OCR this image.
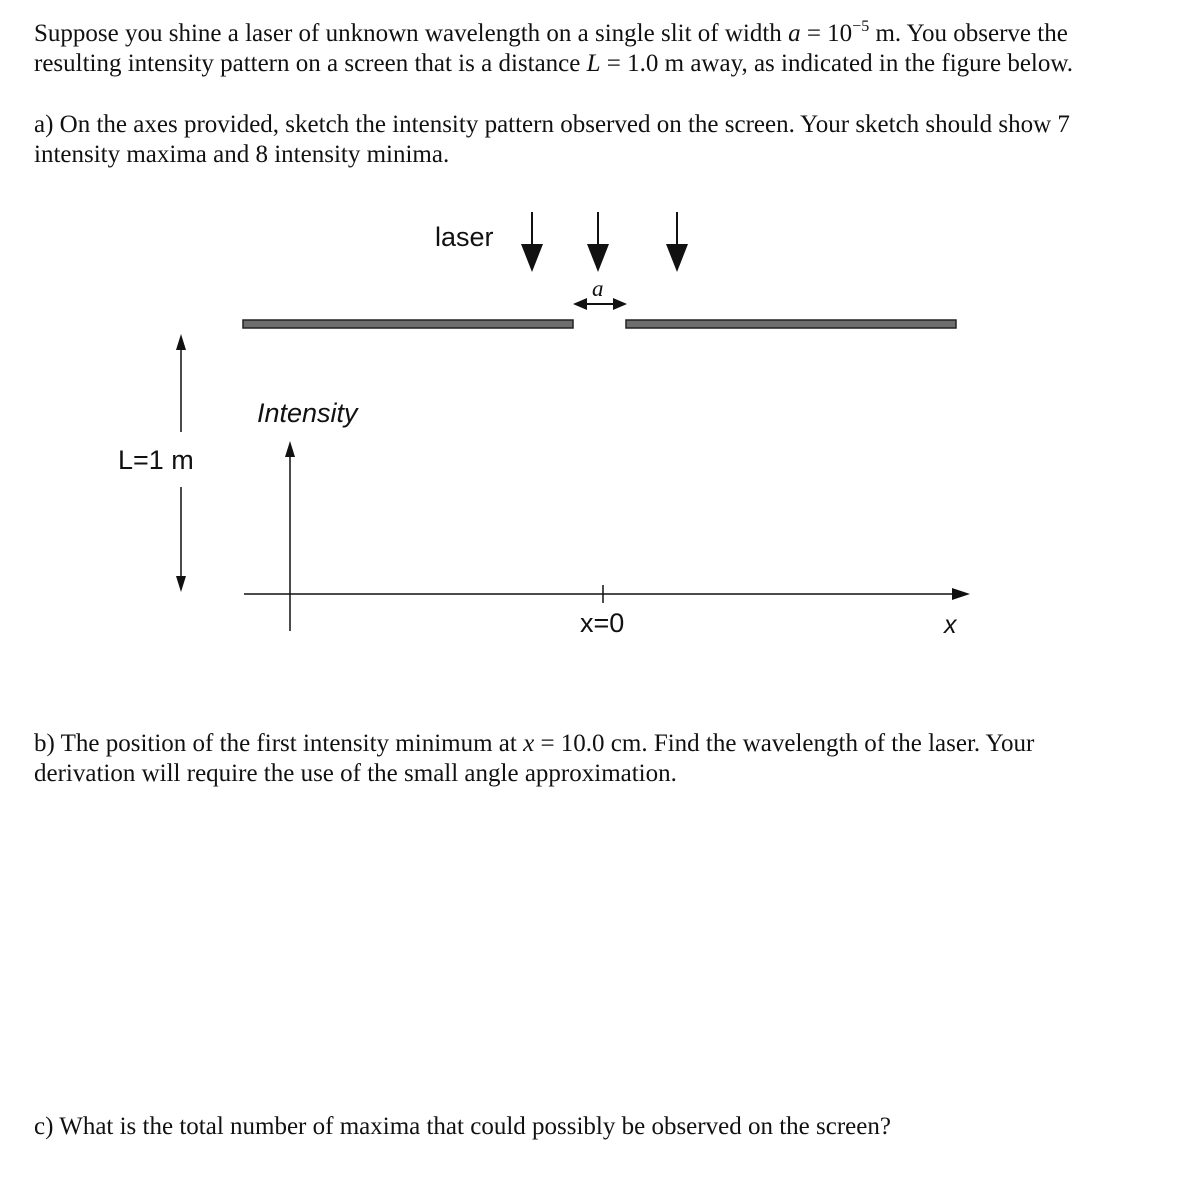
Suppose you shine a laser of unknown wavelength on a single slit of width $a = 10^{-5}$ m. You observe the
resulting intensity pattern on a screen that is a distance L = 1.0 m away, as indicated in the figure below.
a) On the axes provided, sketch the intensity pattern observed on the screen. Your sketch should show 7
intensity maxima and 8 intensity minima.
laser
a
Intensity
L=1 m
x=0	x
b) The position of the first intensity minimum at x = 10.0 cm. Find the wavelength of the laser. Your
derivation will require the use of the small angle approximation.
c) What is the total number of maxima that could possibly be observed on the screen?
